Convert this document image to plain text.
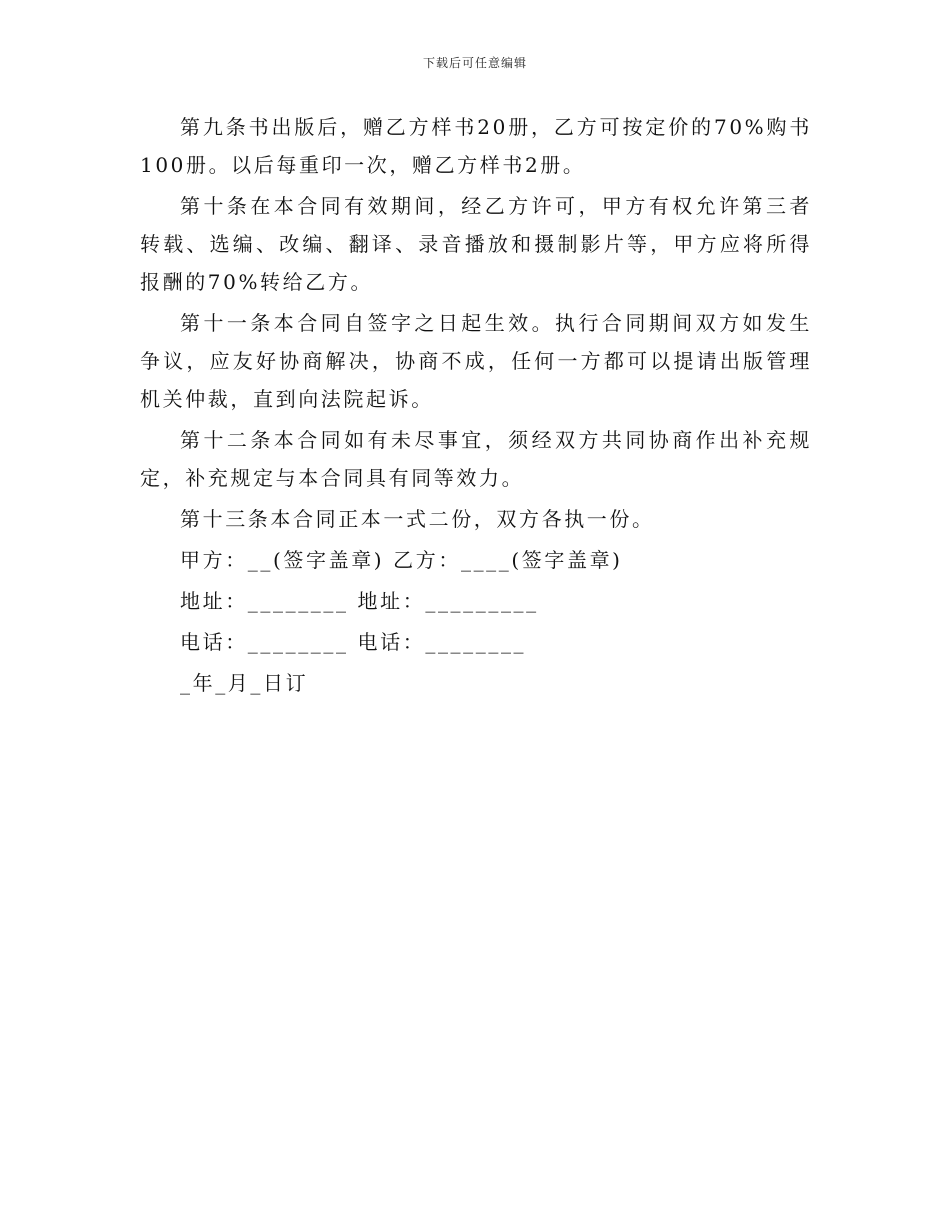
下载后可任意编辑

第九条书出版后，赠乙方样书20册，乙方可按定价的70%购书100册。以后每重印一次，赠乙方样书2册。

第十条在本合同有效期间，经乙方许可，甲方有权允许第三者转载、选编、改编、翻译、录音播放和摄制影片等，甲方应将所得报酬的70%转给乙方。

第十一条本合同自签字之日起生效。执行合同期间双方如发生争议，应友好协商解决，协商不成，任何一方都可以提请出版管理机关仲裁，直到向法院起诉。

第十二条本合同如有未尽事宜，须经双方共同协商作出补充规定，补充规定与本合同具有同等效力。

第十三条本合同正本一式二份，双方各执一份。

甲方：__(签字盖章) 乙方：____(签字盖章)

地址：________ 地址：_________

电话：________ 电话：________

_年_月_日订
